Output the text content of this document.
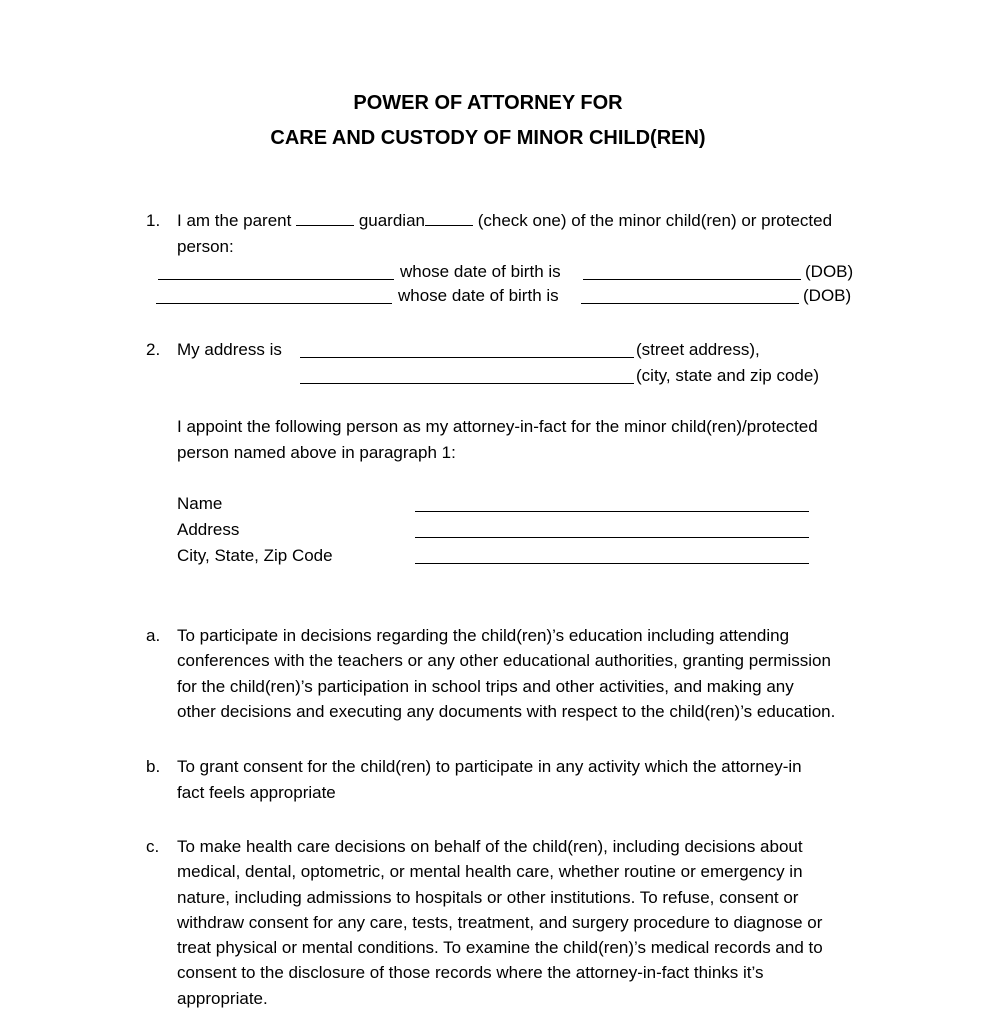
POWER OF ATTORNEY FOR
CARE AND CUSTODY OF MINOR CHILD(REN)
1. I am the parent	guardian	(check one) of the minor child(ren) or protected
person:
whose date of birth is	(DOB)
whose date of birth is	(DOB)
2. My address is	(street address),
(city, state and zip code)
I appoint the following person as my attorney-in-fact for the minor child(ren)/protected
person named above in paragraph 1:
Name
Address
City, State, Zip Code
a. To participate in decisions regarding the child(ren)’s education including attending
conferences with the teachers or any other educational authorities, granting permission
for the child(ren)’s participation in school trips and other activities, and making any
other decisions and executing any documents with respect to the child(ren)’s education.
b. To grant consent for the child(ren) to participate in any activity which the attorney-in
fact feels appropriate
c. To make health care decisions on behalf of the child(ren), including decisions about
medical, dental, optometric, or mental health care, whether routine or emergency in
nature, including admissions to hospitals or other institutions. To refuse, consent or
withdraw consent for any care, tests, treatment, and surgery procedure to diagnose or
treat physical or mental conditions. To examine the child(ren)’s medical records and to
consent to the disclosure of those records where the attorney-in-fact thinks it’s
appropriate.
